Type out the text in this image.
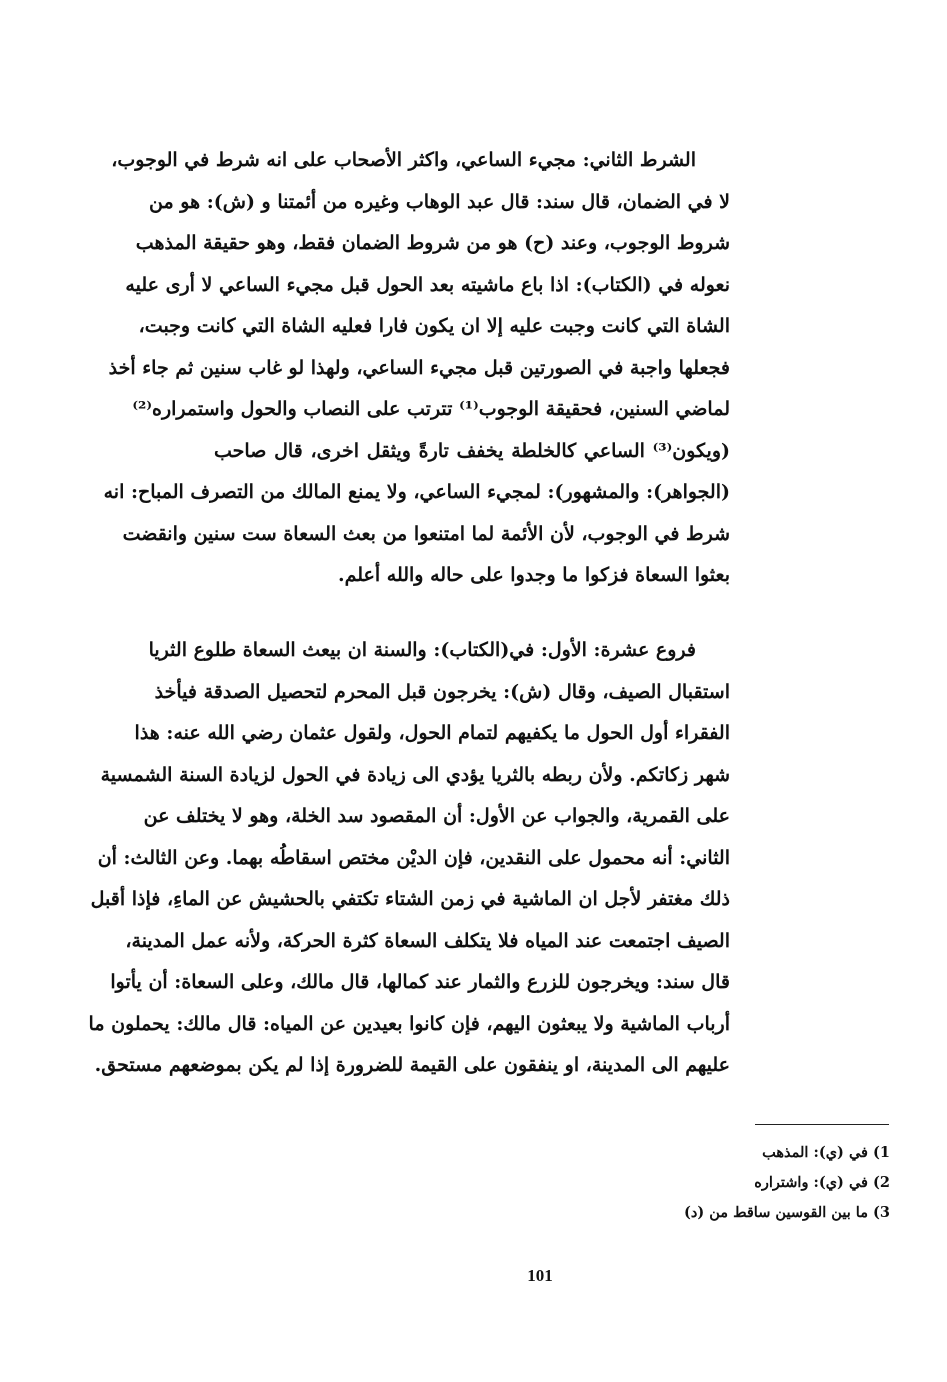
الشرط الثاني: مجيء الساعي، واكثر الأصحاب على انه شرط في الوجوب،
لا في الضمان، قال سند: قال عبد الوهاب وغيره من أئمتنا و (ش): هو من
شروط الوجوب، وعند (ح) هو من شروط الضمان فقط، وهو حقيقة المذهب
نعوله في (الكتاب): اذا باع ماشيته بعد الحول قبل مجيء الساعي لا أرى عليه
الشاة التي كانت وجبت عليه إلا ان يكون فارا فعليه الشاة التي كانت وجبت،
فجعلها واجبة في الصورتين قبل مجيء الساعي، ولهذا لو غاب سنين ثم جاء أخذ
لماضي السنين، فحقيقة الوجوب⁽¹⁾ تترتب على النصاب والحول واستمراره⁽²⁾
(ويكون⁽³⁾ الساعي كالخلطة يخفف تارةً ويثقل اخرى، قال صاحب
(الجواهر): والمشهور): لمجيء الساعي، ولا يمنع المالك من التصرف المباح: انه
شرط في الوجوب، لأن الأئمة لما امتنعوا من بعث السعاة ست سنين وانقضت
بعثوا السعاة فزكوا ما وجدوا على حاله والله أعلم.
فروع عشرة: الأول: في(الكتاب): والسنة ان بيعث السعاة طلوع الثريا
استقبال الصيف، وقال (ش): يخرجون قبل المحرم لتحصيل الصدقة فيأخذ
الفقراء أول الحول ما يكفيهم لتمام الحول، ولقول عثمان رضي الله عنه: هذا
شهر زكاتكم. ولأن ربطه بالثريا يؤدي الى زيادة في الحول لزيادة السنة الشمسية
على القمرية، والجواب عن الأول: أن المقصود سد الخلة، وهو لا يختلف عن
الثاني: أنه محمول على النقدين، فإن الديْن مختص اسقاطُه بهما. وعن الثالث: أن
ذلك مغتفر لأجل ان الماشية في زمن الشتاء تكتفي بالحشيش عن الماءِ، فإذا أقبل
الصيف اجتمعت عند المياه فلا يتكلف السعاة كثرة الحركة، ولأنه عمل المدينة،
قال سند: ويخرجون للزرع والثمار عند كمالها، قال مالك، وعلى السعاة: أن يأتوا
أرباب الماشية ولا يبعثون اليهم، فإن كانوا بعيدين عن المياه: قال مالك: يحملون ما
عليهم الى المدينة، او ينفقون على القيمة للضرورة إذا لم يكن بموضعهم مستحق.
1) في (ي): المذهب
2) في (ي): واشتراره
3) ما بين القوسين ساقط من (د)
101
